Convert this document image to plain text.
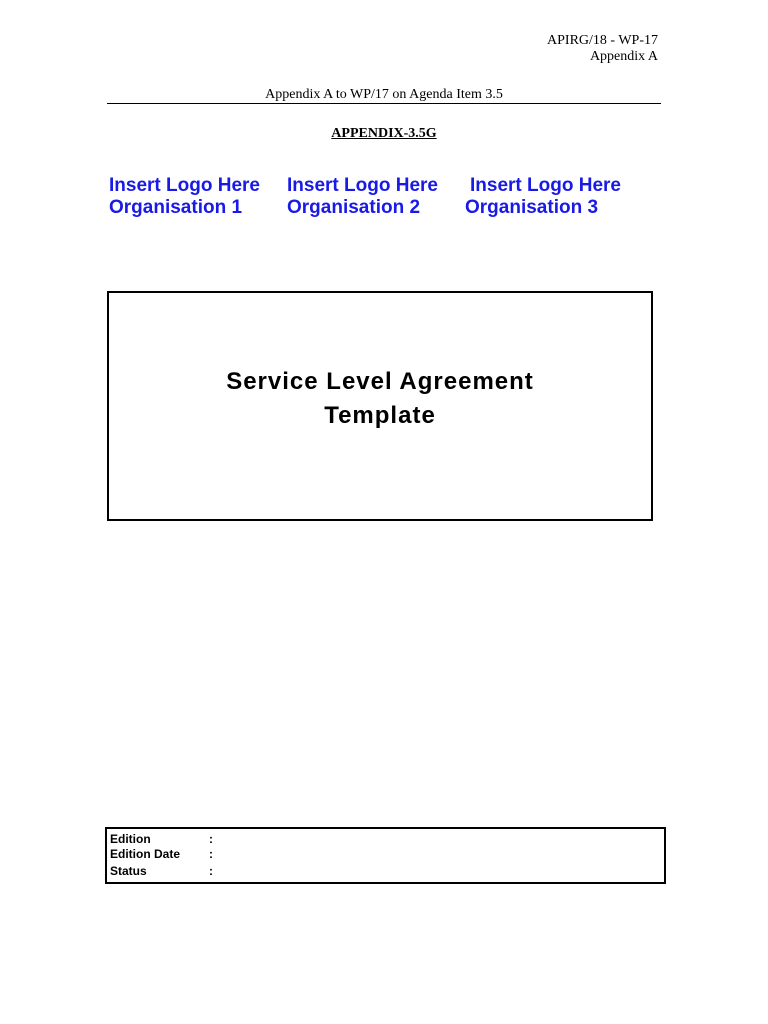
APIRG/18 - WP-17
Appendix A
Appendix A to WP/17 on Agenda Item 3.5
APPENDIX-3.5G
Insert Logo Here
Organisation 1
Insert Logo Here
Organisation 2
Insert Logo Here
Organisation 3
Service Level Agreement
Template
Edition	:
Edition Date	:
Status	:
